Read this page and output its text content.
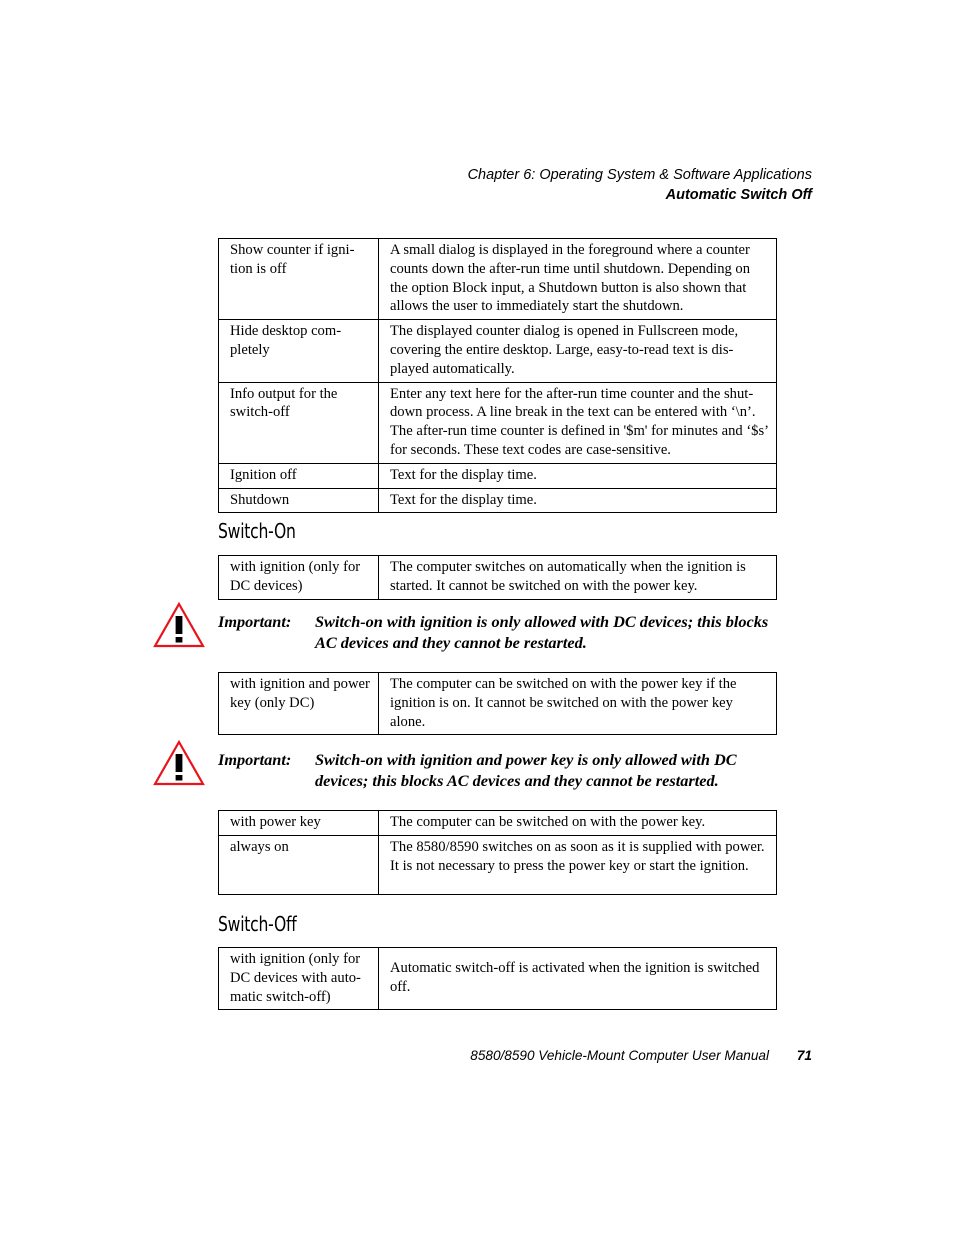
Chapter 6: Operating System & Software Applications
Automatic Switch Off
Show counter if igni-tion is off	A small dialog is displayed in the foreground where a counter counts down the after-run time until shutdown. Depending on the option Block input, a Shutdown button is also shown that allows the user to immediately start the shutdown.
Hide desktop com-pletely	The displayed counter dialog is opened in Fullscreen mode, covering the entire desktop. Large, easy-to-read text is dis-played automatically.
Info output for the switch-off	Enter any text here for the after-run time counter and the shut-down process. A line break in the text can be entered with ‘\n’. The after-run time counter is defined in '$m' for minutes and ‘$s’ for seconds. These text codes are case-sensitive.
Ignition off	Text for the display time.
Shutdown	Text for the display time.
Switch-On
with ignition (only for DC devices)	The computer switches on automatically when the ignition is started. It cannot be switched on with the power key.
Important: Switch-on with ignition is only allowed with DC devices; this blocks AC devices and they cannot be restarted.
with ignition and power key (only DC)	The computer can be switched on with the power key if the ignition is on. It cannot be switched on with the power key alone.
Important: Switch-on with ignition and power key is only allowed with DC devices; this blocks AC devices and they cannot be restarted.
with power key	The computer can be switched on with the power key.
always on	The 8580/8590 switches on as soon as it is supplied with power. It is not necessary to press the power key or start the ignition.
Switch-Off
with ignition (only for DC devices with auto-matic switch-off)	Automatic switch-off is activated when the ignition is switched off.
8580/8590 Vehicle-Mount Computer User Manual 71
